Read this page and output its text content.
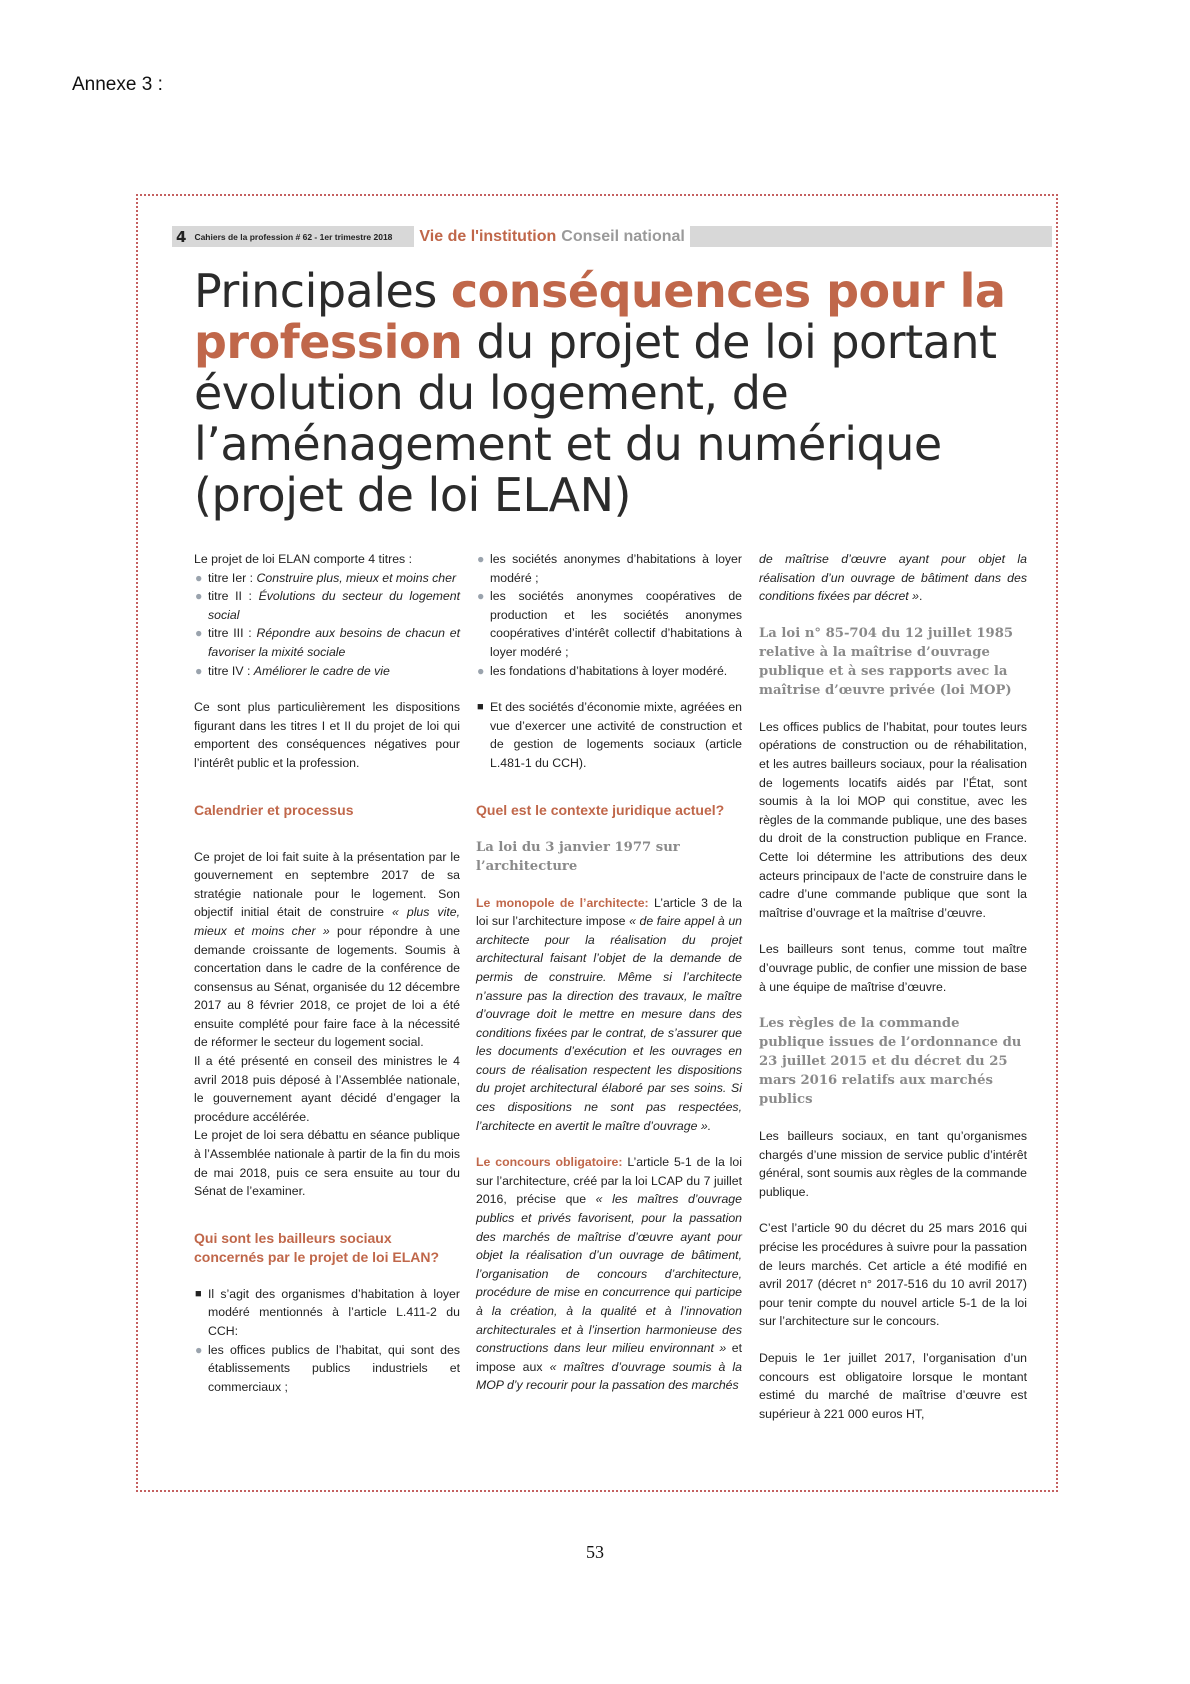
Annexe 3 :
4 Cahiers de la profession # 62 - 1er trimestre 2018 Vie de l'institution Conseil national
Principales conséquences pour la profession du projet de loi portant évolution du logement, de l’aménagement et du numérique (projet de loi ELAN)

Le projet de loi ELAN comporte 4 titres :

● titre Ier : Construire plus, mieux et moins cher
● titre II : Évolutions du secteur du logement social
● titre III : Répondre aux besoins de chacun et favoriser la mixité sociale
● titre IV : Améliorer le cadre de vie

Ce sont plus particulièrement les dispositions figurant dans les titres I et II du projet de loi qui emportent des conséquences négatives pour l’intérêt public et la profession.

Calendrier et processus

Ce projet de loi fait suite à la présentation par le gouvernement en septembre 2017 de sa stratégie nationale pour le logement. Son objectif initial était de construire « plus vite, mieux et moins cher » pour répondre à une demande croissante de logements. Soumis à concertation dans le cadre de la conférence de consensus au Sénat, organisée du 12 décembre 2017 au 8 février 2018, ce projet de loi a été ensuite complété pour faire face à la nécessité de réformer le secteur du logement social.

Il a été présenté en conseil des ministres le 4 avril 2018 puis déposé à l’Assemblée nationale, le gouvernement ayant décidé d’engager la procédure accélérée.

Le projet de loi sera débattu en séance publique à l’Assemblée nationale à partir de la fin du mois de mai 2018, puis ce sera ensuite au tour du Sénat de l’examiner.

Qui sont les bailleurs sociaux concernés par le projet de loi ELAN?
■ Il s’agit des organismes d’habitation à loyer modéré mentionnés à l’article L.411-2 du CCH:
● les offices publics de l’habitat, qui sont des établissements publics industriels et commerciaux ;
● les sociétés anonymes d’habitations à loyer modéré ;
● les sociétés anonymes coopératives de production et les sociétés anonymes coopératives d’intérêt collectif d’habitations à loyer modéré ;
● les fondations d’habitations à loyer modéré.
■ Et des sociétés d’économie mixte, agréées en vue d’exercer une activité de construction et de gestion de logements sociaux (article L.481-1 du CCH).
Quel est le contexte juridique actuel?
La loi du 3 janvier 1977 sur l’architecture

Le monopole de l’architecte: L’article 3 de la loi sur l’architecture impose « de faire appel à un architecte pour la réalisation du projet architectural faisant l’objet de la demande de permis de construire. Même si l’architecte n’assure pas la direction des travaux, le maître d’ouvrage doit le mettre en mesure dans des conditions fixées par le contrat, de s’assurer que les documents d’exécution et les ouvrages en cours de réalisation respectent les dispositions du projet architectural élaboré par ses soins. Si ces dispositions ne sont pas respectées, l’architecte en avertit le maître d’ouvrage ».

Le concours obligatoire: L’article 5-1 de la loi sur l’architecture, créé par la loi LCAP du 7 juillet 2016, précise que « les maîtres d’ouvrage publics et privés favorisent, pour la passation des marchés de maîtrise d’œuvre ayant pour objet la réalisation d’un ouvrage de bâtiment, l’organisation de concours d’architecture, procédure de mise en concurrence qui participe à la création, à la qualité et à l’innovation architecturales et à l’insertion harmonieuse des constructions dans leur milieu environnant » et impose aux « maîtres d’ouvrage soumis à la MOP d’y recourir pour la passation des marchés

de maîtrise d’œuvre ayant pour objet la réalisation d’un ouvrage de bâtiment dans des conditions fixées par décret ».

La loi n° 85-704 du 12 juillet 1985 relative à la maîtrise d’ouvrage publique et à ses rapports avec la maîtrise d’œuvre privée (loi MOP)

Les offices publics de l’habitat, pour toutes leurs opérations de construction ou de réhabilitation, et les autres bailleurs sociaux, pour la réalisation de logements locatifs aidés par l’État, sont soumis à la loi MOP qui constitue, avec les règles de la commande publique, une des bases du droit de la construction publique en France. Cette loi détermine les attributions des deux acteurs principaux de l’acte de construire dans le cadre d’une commande publique que sont la maîtrise d’ouvrage et la maîtrise d’œuvre.

Les bailleurs sont tenus, comme tout maître d’ouvrage public, de confier une mission de base à une équipe de maîtrise d’œuvre.

Les règles de la commande publique issues de l’ordonnance du 23 juillet 2015 et du décret du 25 mars 2016 relatifs aux marchés publics

Les bailleurs sociaux, en tant qu’organismes chargés d’une mission de service public d’intérêt général, sont soumis aux règles de la commande publique.

C’est l’article 90 du décret du 25 mars 2016 qui précise les procédures à suivre pour la passation de leurs marchés. Cet article a été modifié en avril 2017 (décret n° 2017-516 du 10 avril 2017) pour tenir compte du nouvel article 5-1 de la loi sur l’architecture sur le concours.

Depuis le 1er juillet 2017, l’organisation d’un concours est obligatoire lorsque le montant estimé du marché de maîtrise d’œuvre est supérieur à 221 000 euros HT,

53
